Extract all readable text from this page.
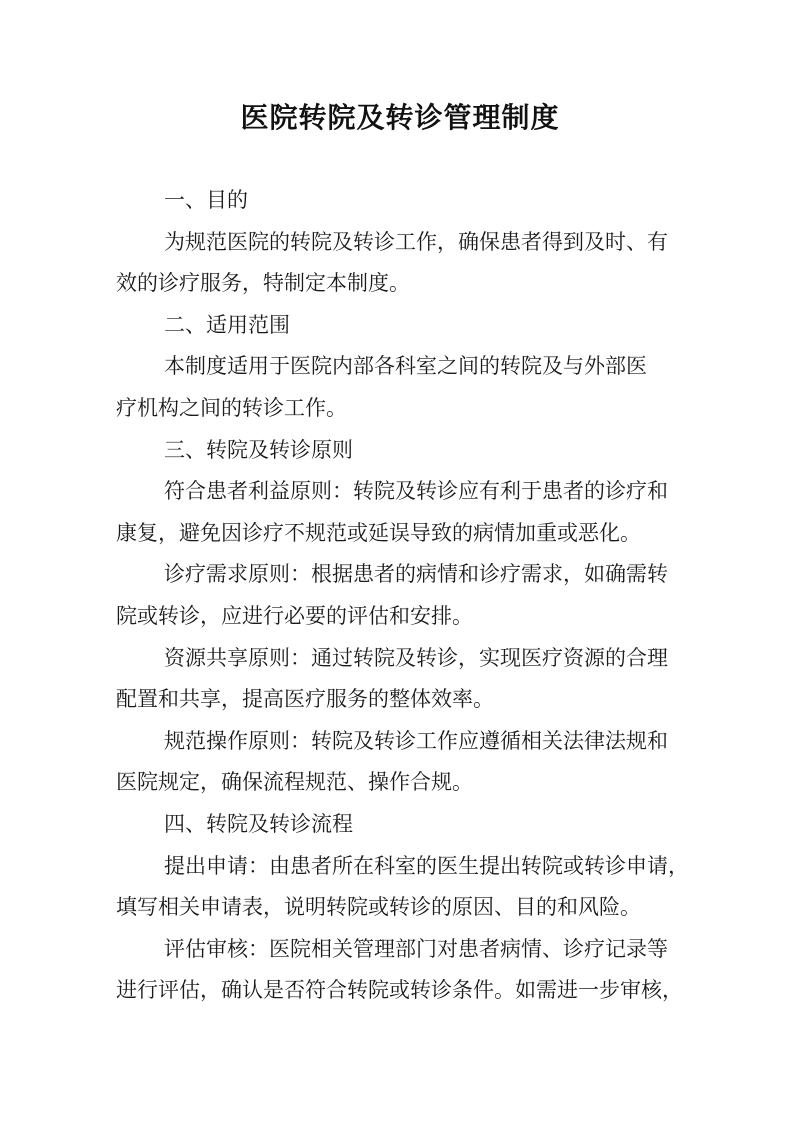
医院转院及转诊管理制度

一、目的

为规范医院的转院及转诊工作，确保患者得到及时、有

效的诊疗服务，特制定本制度。

二、适用范围

本制度适用于医院内部各科室之间的转院及与外部医

疗机构之间的转诊工作。

三、转院及转诊原则

符合患者利益原则：转院及转诊应有利于患者的诊疗和

康复，避免因诊疗不规范或延误导致的病情加重或恶化。

诊疗需求原则：根据患者的病情和诊疗需求，如确需转

院或转诊，应进行必要的评估和安排。

资源共享原则：通过转院及转诊，实现医疗资源的合理

配置和共享，提高医疗服务的整体效率。

规范操作原则：转院及转诊工作应遵循相关法律法规和

医院规定，确保流程规范、操作合规。

四、转院及转诊流程

提出申请：由患者所在科室的医生提出转院或转诊申请，

填写相关申请表，说明转院或转诊的原因、目的和风险。

评估审核：医院相关管理部门对患者病情、诊疗记录等

进行评估，确认是否符合转院或转诊条件。如需进一步审核，
